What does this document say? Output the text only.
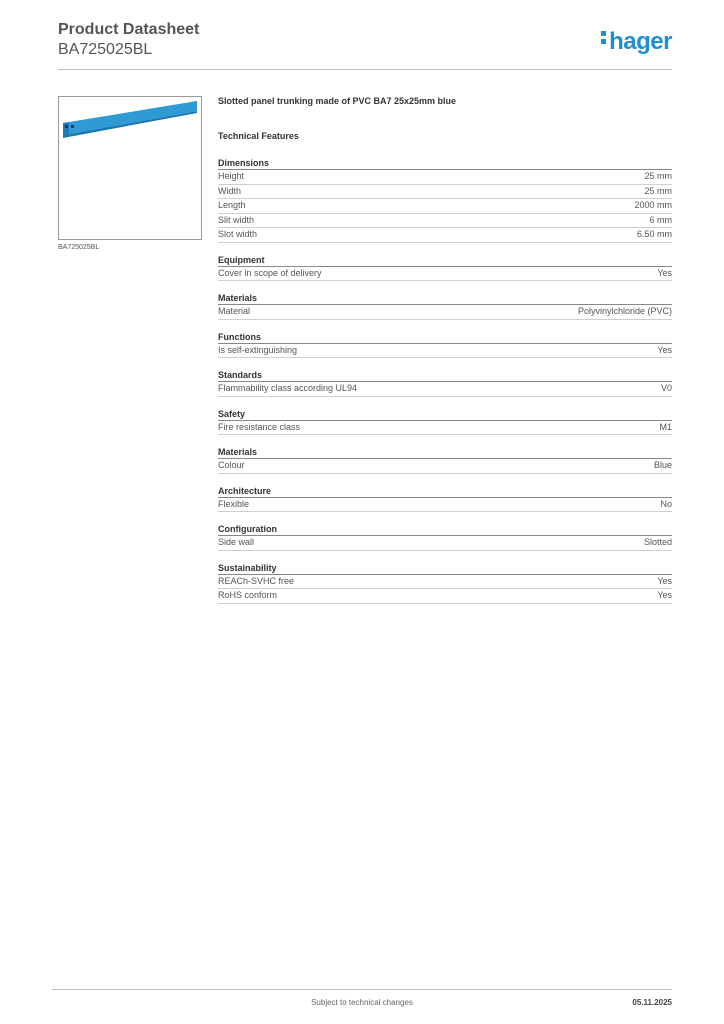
Product Datasheet
BA725025BL	hager
BA725025BL
Slotted panel trunking made of PVC BA7 25x25mm blue
Technical Features
Dimensions
Height	25 mm
Width	25 mm
Length	2000 mm
Slit width	6 mm
Slot width	6.50 mm
Equipment
Cover in scope of delivery	Yes
Materials
Material	Polyvinylchloride (PVC)
Functions
Is self-extinguishing	Yes
Standards
Flammability class according UL94	V0
Safety
Fire resistance class	M1
Materials
Colour	Blue
Architecture
Flexible	No
Configuration
Side wall	Slotted
Sustainability
REACh-SVHC free	Yes
RoHS conform	Yes
Subject to technical changes	05.11.2025
